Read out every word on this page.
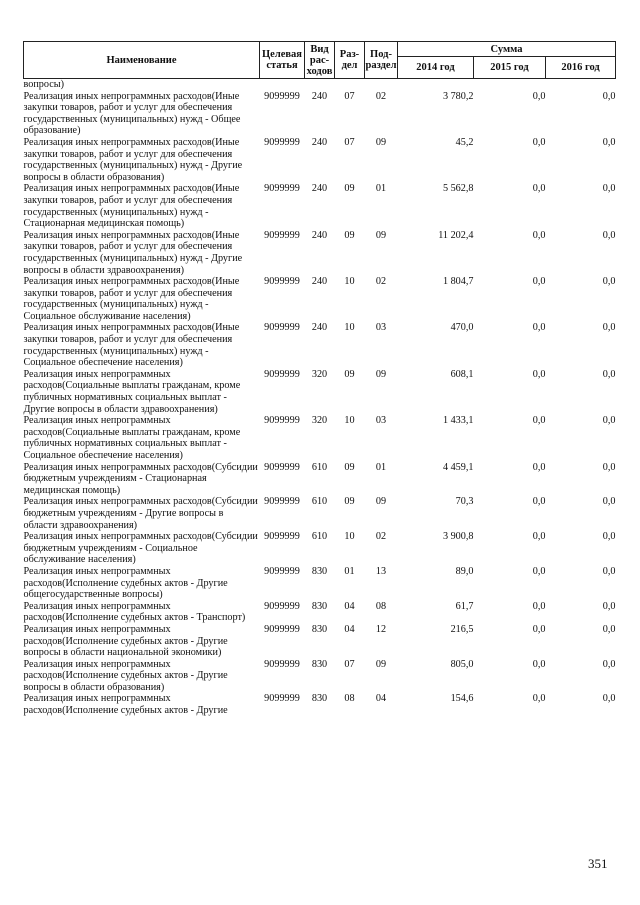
Наименование	Целевая статья	Вид рас- ходов	Раз- дел	Под- раздел	Сумма		
					2014 год	2015 год	2016 год
вопросы)							
Реализация иных непрограммных расходов(Иные закупки товаров, работ и услуг для обеспечения государственных (муниципальных) нужд - Общее образование)	9099999	240	07	02	3 780,2	0,0	0,0
Реализация иных непрограммных расходов(Иные закупки товаров, работ и услуг для обеспечения государственных (муниципальных) нужд - Другие вопросы в области образования)	9099999	240	07	09	45,2	0,0	0,0
Реализация иных непрограммных расходов(Иные закупки товаров, работ и услуг для обеспечения государственных (муниципальных) нужд - Стационарная медицинская помощь)	9099999	240	09	01	5 562,8	0,0	0,0
Реализация иных непрограммных расходов(Иные закупки товаров, работ и услуг для обеспечения государственных (муниципальных) нужд - Другие вопросы в области здравоохранения)	9099999	240	09	09	11 202,4	0,0	0,0
Реализация иных непрограммных расходов(Иные закупки товаров, работ и услуг для обеспечения государственных (муниципальных) нужд - Социальное обслуживание населения)	9099999	240	10	02	1 804,7	0,0	0,0
Реализация иных непрограммных расходов(Иные закупки товаров, работ и услуг для обеспечения государственных (муниципальных) нужд - Социальное обеспечение населения)	9099999	240	10	03	470,0	0,0	0,0
Реализация иных непрограммных расходов(Социальные выплаты гражданам, кроме публичных нормативных социальных выплат - Другие вопросы в области здравоохранения)	9099999	320	09	09	608,1	0,0	0,0
Реализация иных непрограммных расходов(Социальные выплаты гражданам, кроме публичных нормативных социальных выплат - Социальное обеспечение населения)	9099999	320	10	03	1 433,1	0,0	0,0
Реализация иных непрограммных расходов(Субсидии бюджетным учреждениям - Стационарная медицинская помощь)	9099999	610	09	01	4 459,1	0,0	0,0
Реализация иных непрограммных расходов(Субсидии бюджетным учреждениям - Другие вопросы в области здравоохранения)	9099999	610	09	09	70,3	0,0	0,0
Реализация иных непрограммных расходов(Субсидии бюджетным учреждениям - Социальное обслуживание населения)	9099999	610	10	02	3 900,8	0,0	0,0
Реализация иных непрограммных расходов(Исполнение судебных актов - Другие общегосударственные вопросы)	9099999	830	01	13	89,0	0,0	0,0
Реализация иных непрограммных расходов(Исполнение судебных актов - Транспорт)	9099999	830	04	08	61,7	0,0	0,0
Реализация иных непрограммных расходов(Исполнение судебных актов - Другие вопросы в области национальной экономики)	9099999	830	04	12	216,5	0,0	0,0
Реализация иных непрограммных расходов(Исполнение судебных актов - Другие вопросы в области образования)	9099999	830	07	09	805,0	0,0	0,0
Реализация иных непрограммных расходов(Исполнение судебных актов - Другие	9099999	830	08	04	154,6	0,0	0,0
351
